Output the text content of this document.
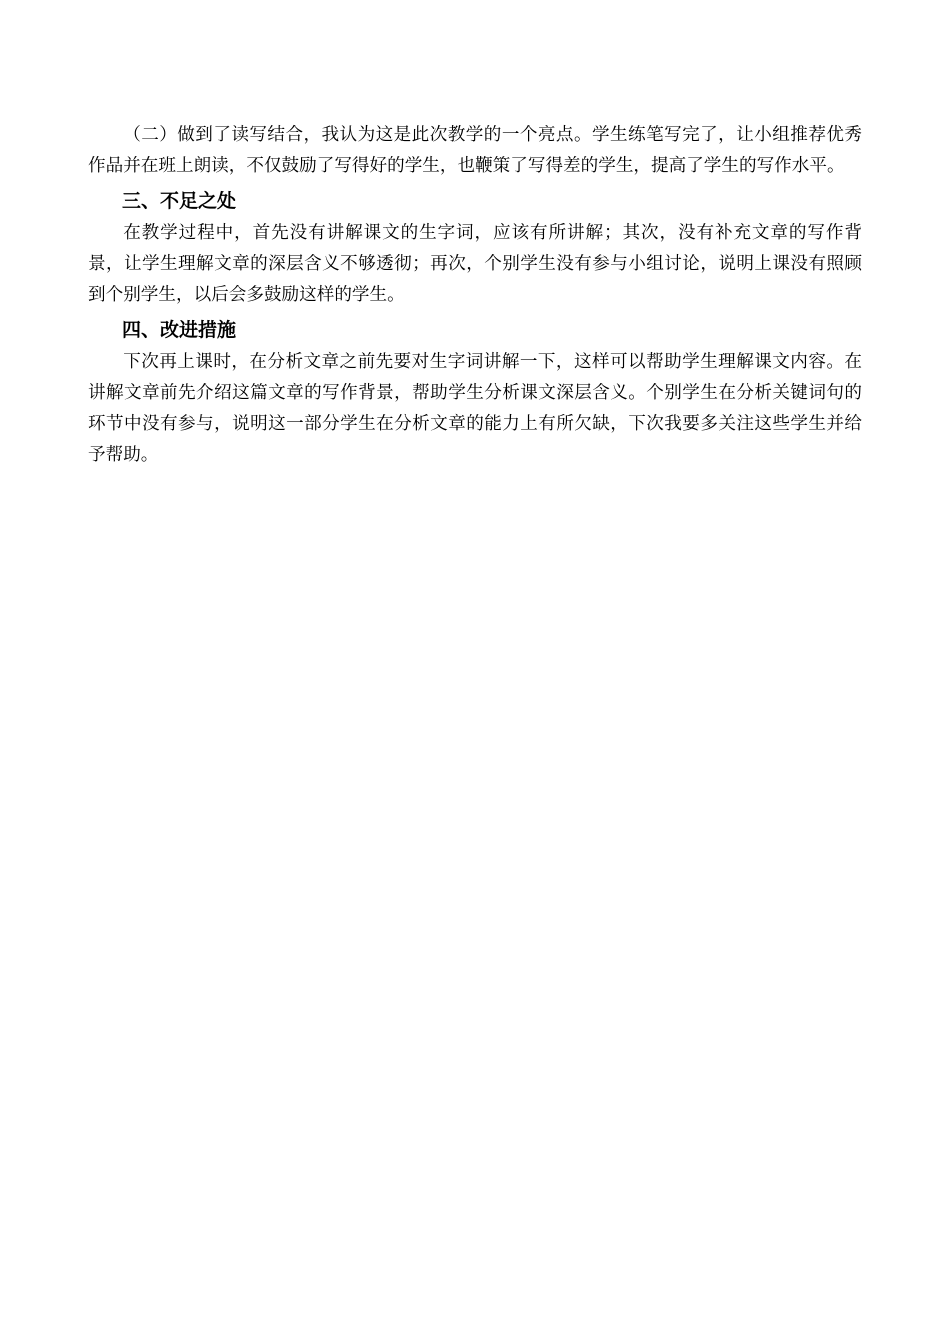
（二）做到了读写结合，我认为这是此次教学的一个亮点。学生练笔写完了，让小组推荐优秀作品并在班上朗读，不仅鼓励了写得好的学生，也鞭策了写得差的学生，提高了学生的写作水平。

三、不足之处

在教学过程中，首先没有讲解课文的生字词，应该有所讲解；其次，没有补充文章的写作背景，让学生理解文章的深层含义不够透彻；再次，个别学生没有参与小组讨论，说明上课没有照顾到个别学生，以后会多鼓励这样的学生。

四、改进措施

下次再上课时，在分析文章之前先要对生字词讲解一下，这样可以帮助学生理解课文内容。在讲解文章前先介绍这篇文章的写作背景，帮助学生分析课文深层含义。个别学生在分析关键词句的环节中没有参与，说明这一部分学生在分析文章的能力上有所欠缺，下次我要多关注这些学生并给予帮助。
